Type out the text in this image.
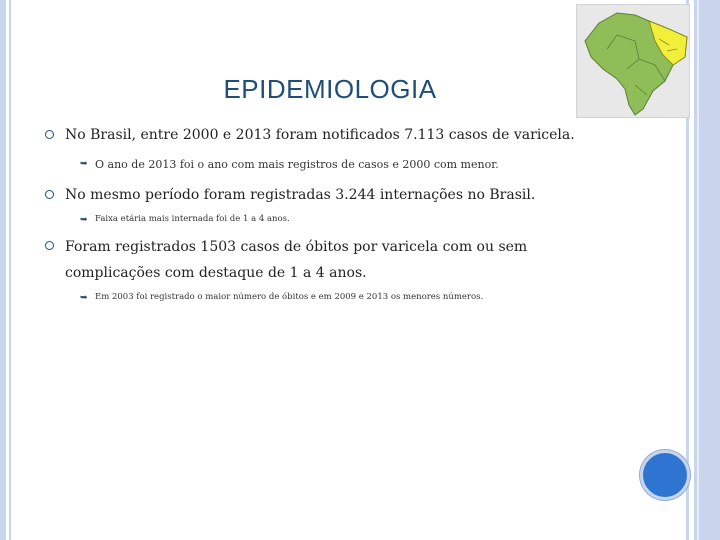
EPIDEMIOLOGIA
No Brasil, entre 2000 e 2013 foram notificados 7.113 casos de varicela.
➥ O ano de 2013 foi o ano com mais registros de casos e 2000 com menor.
No mesmo período foram registradas 3.244 internações no Brasil.
➥ Faixa etária mais internada foi de 1 a 4 anos.
Foram registrados 1503 casos de óbitos por varicela com ou sem complicações com destaque de 1 a 4 anos.
➥ Em 2003 foi registrado o maior número de óbitos e em 2009 e 2013 os menores números.
